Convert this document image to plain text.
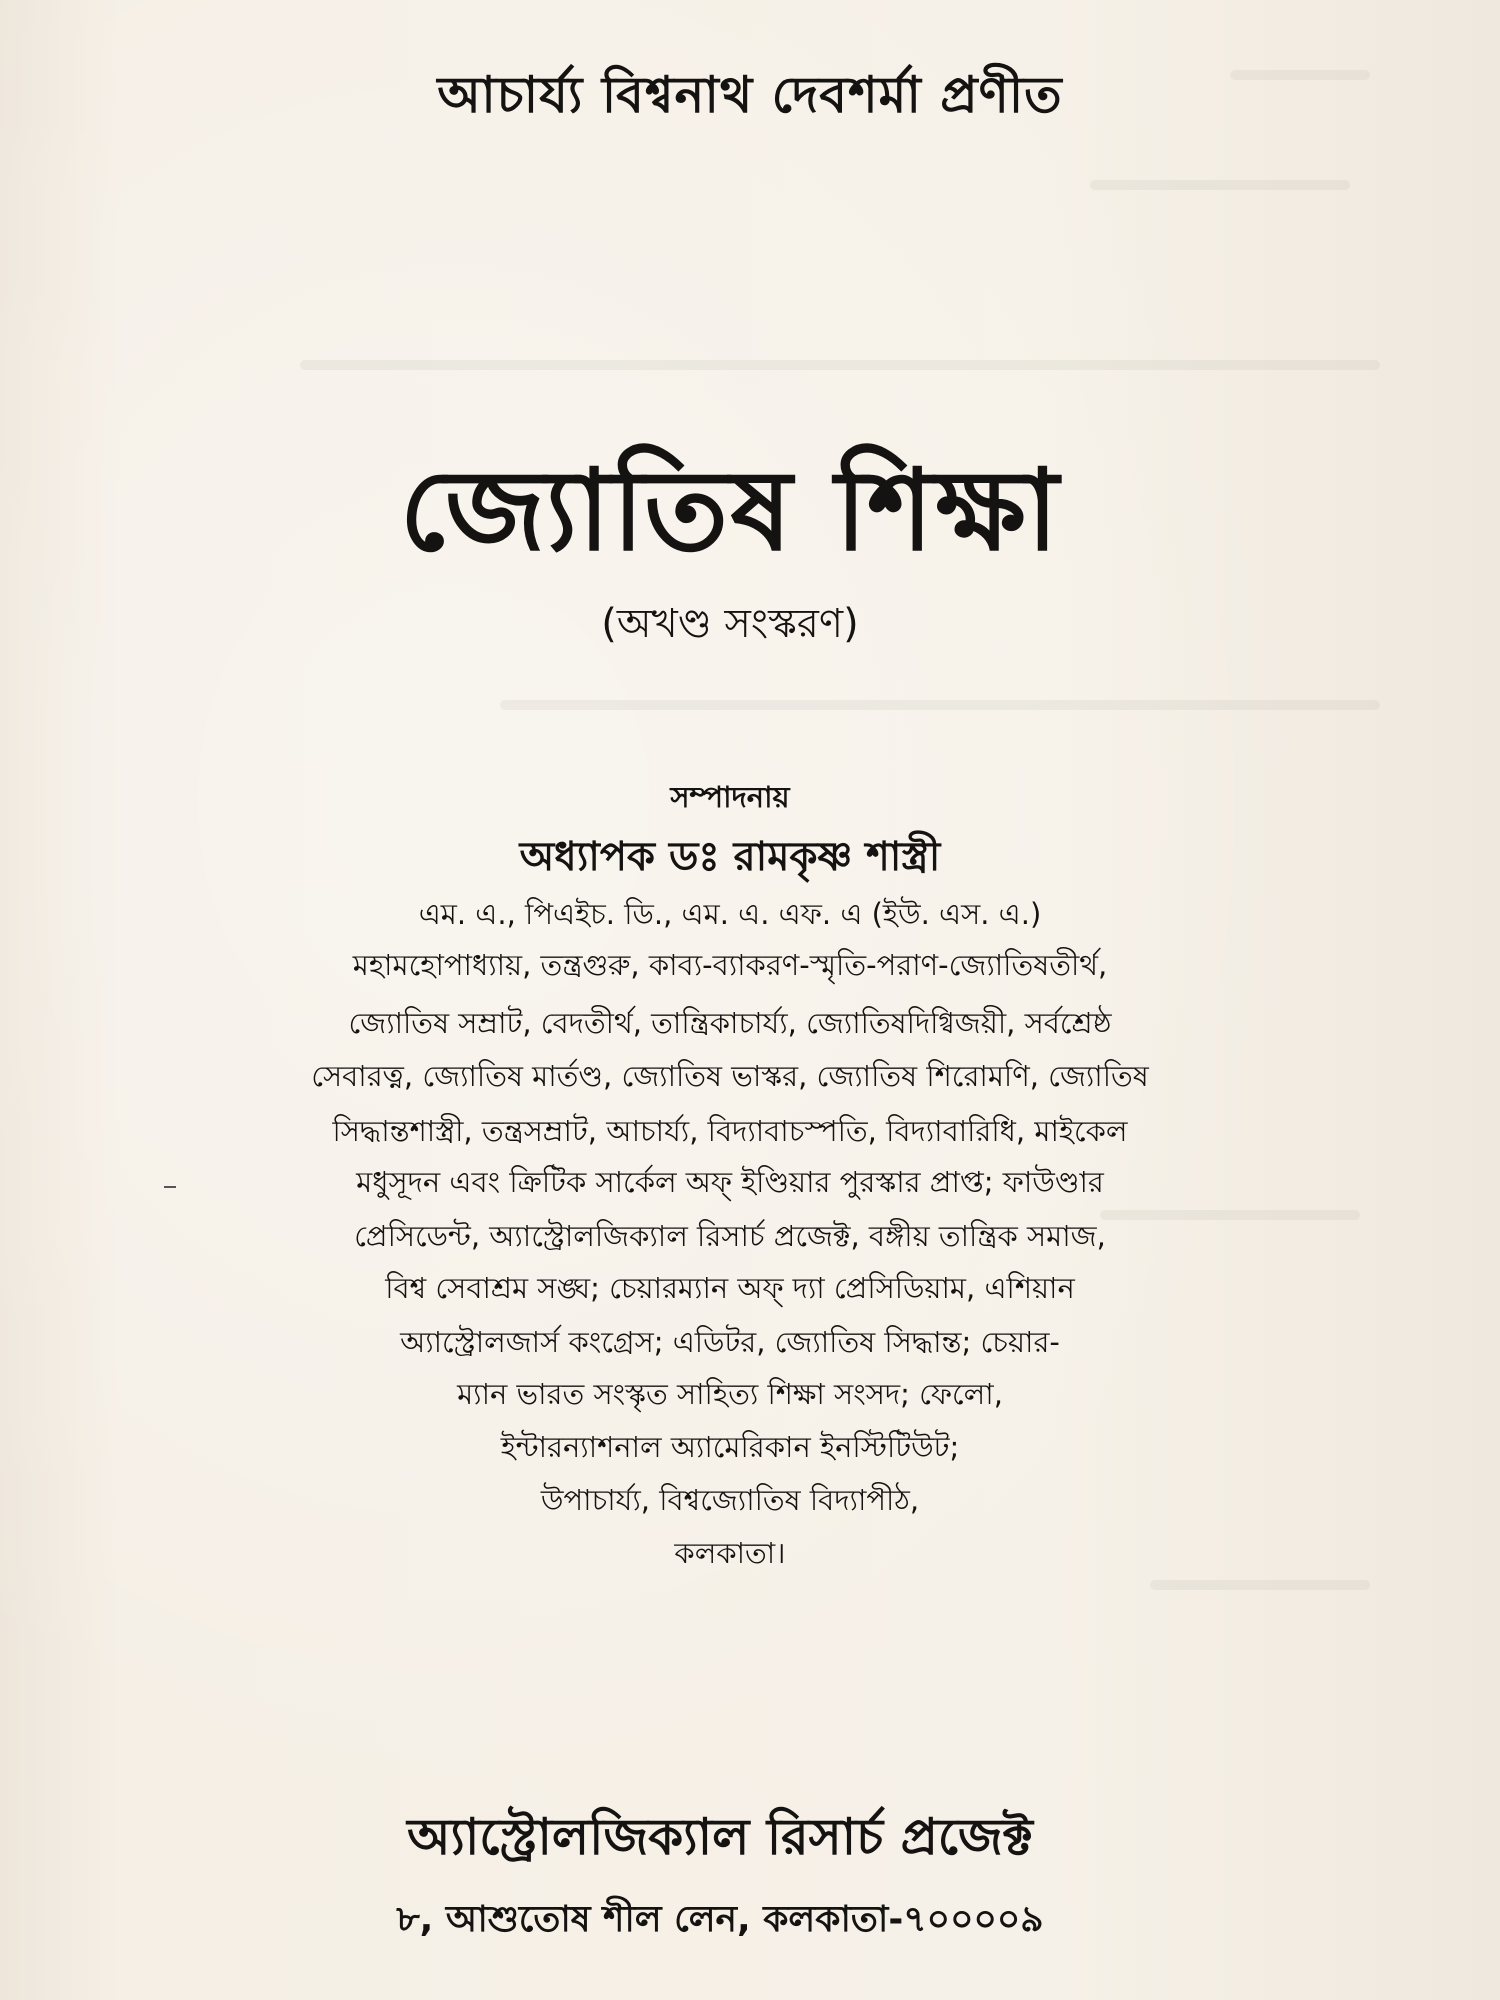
আচার্য্য বিশ্বনাথ দেবশর্মা প্রণীত

জ্যোতিষ শিক্ষা

(অখণ্ড সংস্করণ)

সম্পাদনায়

অধ্যাপক ডঃ রামকৃষ্ণ শাস্ত্রী

এম. এ., পিএইচ. ডি., এম. এ. এফ. এ (ইউ. এস. এ.)

মহামহোপাধ্যায়, তন্ত্রগুরু, কাব্য-ব্যাকরণ-স্মৃতি-পরাণ-জ্যোতিষতীর্থ,

জ্যোতিষ সম্রাট, বেদতীর্থ, তান্ত্রিকাচার্য্য, জ্যোতিষদিগ্বিজয়ী, সর্বশ্রেষ্ঠ

সেবারত্ন, জ্যোতিষ মার্তণ্ড, জ্যোতিষ ভাস্কর, জ্যোতিষ শিরোমণি, জ্যোতিষ

সিদ্ধান্তশাস্ত্রী, তন্ত্রসম্রাট, আচার্য্য, বিদ্যাবাচস্পতি, বিদ্যাবারিধি, মাইকেল

মধুসূদন এবং ক্রিটিক সার্কেল অফ্ ইণ্ডিয়ার পুরস্কার প্রাপ্ত; ফাউণ্ডার

প্রেসিডেন্ট, অ্যাস্ট্রোলজিক্যাল রিসার্চ প্রজেক্ট, বঙ্গীয় তান্ত্রিক সমাজ,

বিশ্ব সেবাশ্রম সঙ্ঘ; চেয়ারম্যান অফ্ দ্যা প্রেসিডিয়াম, এশিয়ান

অ্যাস্ট্রোলজার্স কংগ্রেস; এডিটর, জ্যোতিষ সিদ্ধান্ত; চেয়ার-

ম্যান ভারত সংস্কৃত সাহিত্য শিক্ষা সংসদ; ফেলো,

ইন্টারন্যাশনাল অ্যামেরিকান ইনস্টিটিউট;

উপাচার্য্য, বিশ্বজ্যোতিষ বিদ্যাপীঠ,

কলকাতা।

অ্যাস্ট্রোলজিক্যাল রিসার্চ প্রজেক্ট

৮, আশুতোষ শীল লেন, কলকাতা-৭০০০০৯
